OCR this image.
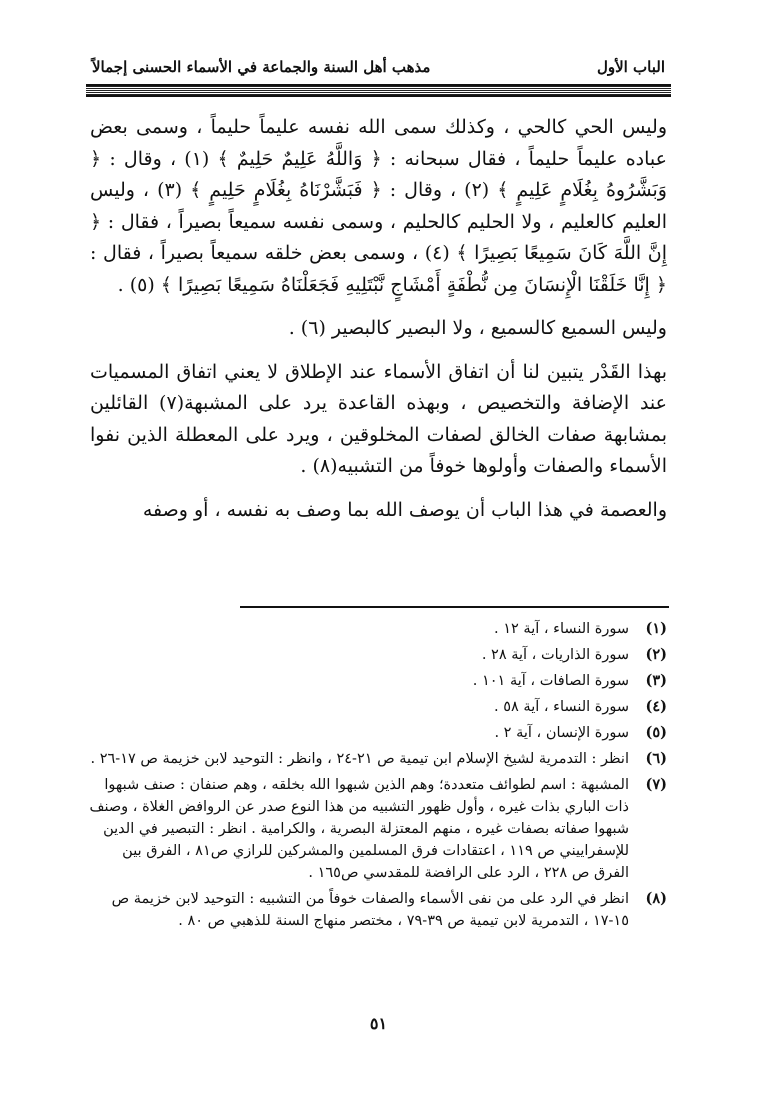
الباب الأول
مذهب أهل السنة والجماعة في الأسماء الحسنى إجمالاً

وليس الحي كالحي ، وكذلك سمى الله نفسه عليماً حليماً ، وسمى بعض عباده عليماً حليماً ، فقال سبحانه : ﴿ وَاللَّهُ عَلِيمٌ حَلِيمٌ ﴾ (١) ، وقال : ﴿ وَبَشَّرُوهُ بِغُلَامٍ عَلِيمٍ ﴾ (٢) ، وقال : ﴿ فَبَشَّرْنَاهُ بِغُلَامٍ حَلِيمٍ ﴾ (٣) ، وليس العليم كالعليم ، ولا الحليم كالحليم ، وسمى نفسه سميعاً بصيراً ، فقال : ﴿ إِنَّ اللَّهَ كَانَ سَمِيعًا بَصِيرًا ﴾ (٤) ، وسمى بعض خلقه سميعاً بصيراً ، فقال : ﴿ إِنَّا خَلَقْنَا الْإِنسَانَ مِن نُّطْفَةٍ أَمْشَاجٍ نَّبْتَلِيهِ فَجَعَلْنَاهُ سَمِيعًا بَصِيرًا ﴾ (٥) .

وليس السميع كالسميع ، ولا البصير كالبصير (٦) .

بهذا القَدْر يتبين لنا أن اتفاق الأسماء عند الإطلاق لا يعني اتفاق المسميات عند الإضافة والتخصيص ، وبهذه القاعدة يرد على المشبهة(٧) القائلين بمشابهة صفات الخالق لصفات المخلوقين ، ويرد على المعطلة الذين نفوا الأسماء والصفات وأولوها خوفاً من التشبيه(٨) .

والعصمة في هذا الباب أن يوصف الله بما وصف به نفسه ، أو وصفه

(١)
سورة النساء ، آية ١٢ .
(٢)
سورة الذاريات ، آية ٢٨ .
(٣)
سورة الصافات ، آية ١٠١ .
(٤)
سورة النساء ، آية ٥٨ .
(٥)
سورة الإنسان ، آية ٢ .
(٦)
انظر : التدمرية لشيخ الإسلام ابن تيمية ص ٢١-٢٤ ، وانظر : التوحيد لابن خزيمة ص ١٧-٢٦ .
(٧)
المشبهة : اسم لطوائف متعددة؛ وهم الذين شبهوا الله بخلقه ، وهم صنفان : صنف شبهوا ذات الباري بذات غيره ، وأول ظهور التشبيه من هذا النوع صدر عن الروافض الغلاة ، وصنف شبهوا صفاته بصفات غيره ، منهم المعتزلة البصرية ، والكرامية . انظر : التبصير في الدين للإسفراييني ص ١١٩ ، اعتقادات فرق المسلمين والمشركين للرازي ص٨١ ، الفرق بين الفرق ص ٢٢٨ ، الرد على الرافضة للمقدسي ص١٦٥ .
(٨)
انظر في الرد على من نفى الأسماء والصفات خوفاً من التشبيه : التوحيد لابن خزيمة ص ١٥-١٧ ، التدمرية لابن تيمية ص ٣٩-٧٩ ، مختصر منهاج السنة للذهبي ص ٨٠ .
٥١
